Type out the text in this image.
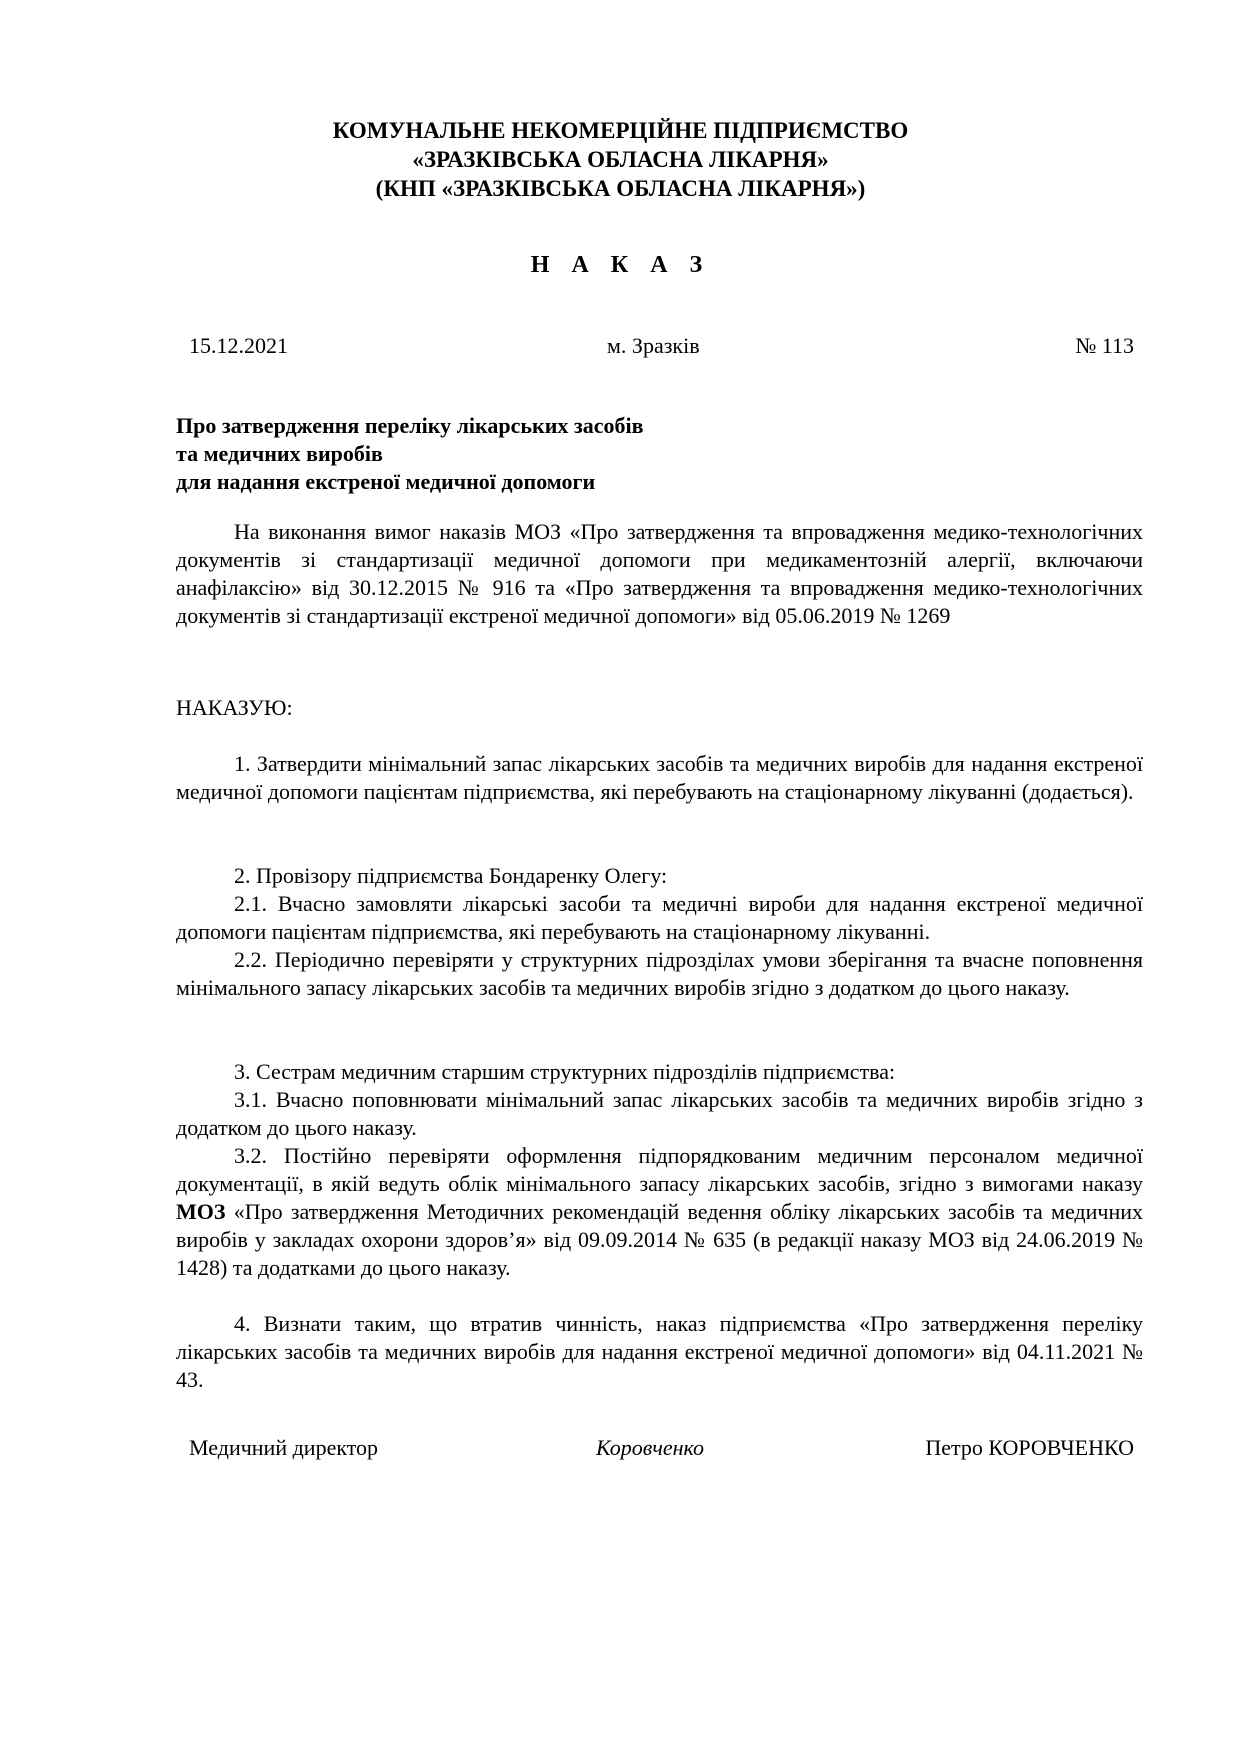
КОМУНАЛЬНЕ НЕКОМЕРЦІЙНЕ ПІДПРИЄМСТВО
«ЗРАЗКІВСЬКА ОБЛАСНА ЛІКАРНЯ»
(КНП «ЗРАЗКІВСЬКА ОБЛАСНА ЛІКАРНЯ»)
Н А К А З
15.12.2021	м. Зразків	№ 113
Про затвердження переліку лікарських засобів
та медичних виробів
для надання екстреної медичної допомоги

На виконання вимог наказів МОЗ «Про затвердження та впровадження медико-технологічних документів зі стандартизації медичної допомоги при медикаментозній алергії, включаючи анафілаксію» від 30.12.2015 № 916 та «Про затвердження та впровадження медико-технологічних документів зі стандартизації екстреної медичної допомоги» від 05.06.2019 № 1269

НАКАЗУЮ:

1. Затвердити мінімальний запас лікарських засобів та медичних виробів для надання екстреної медичної допомоги пацієнтам підприємства, які перебувають на стаціонарному лікуванні (додається).

2. Провізору підприємства Бондаренку Олегу:

2.1. Вчасно замовляти лікарські засоби та медичні вироби для надання екстреної медичної допомоги пацієнтам підприємства, які перебувають на стаціонарному лікуванні.

2.2. Періодично перевіряти у структурних підрозділах умови зберігання та вчасне поповнення мінімального запасу лікарських засобів та медичних виробів згідно з додатком до цього наказу.

3. Сестрам медичним старшим структурних підрозділів підприємства:

3.1. Вчасно поповнювати мінімальний запас лікарських засобів та медичних виробів згідно з додатком до цього наказу.

3.2. Постійно перевіряти оформлення підпорядкованим медичним персоналом медичної документації, в якій ведуть облік мінімального запасу лікарських засобів, згідно з вимогами наказу МОЗ «Про затвердження Методичних рекомендацій ведення обліку лікарських засобів та медичних виробів у закладах охорони здоров’я» від 09.09.2014 № 635 (в редакції наказу МОЗ від 24.06.2019 № 1428) та додатками до цього наказу.

4. Визнати таким, що втратив чинність, наказ підприємства «Про затвердження переліку лікарських засобів та медичних виробів для надання екстреної медичної допомоги» від 04.11.2021 № 43.

Медичний директор	Коровченко	Петро КОРОВЧЕНКО
